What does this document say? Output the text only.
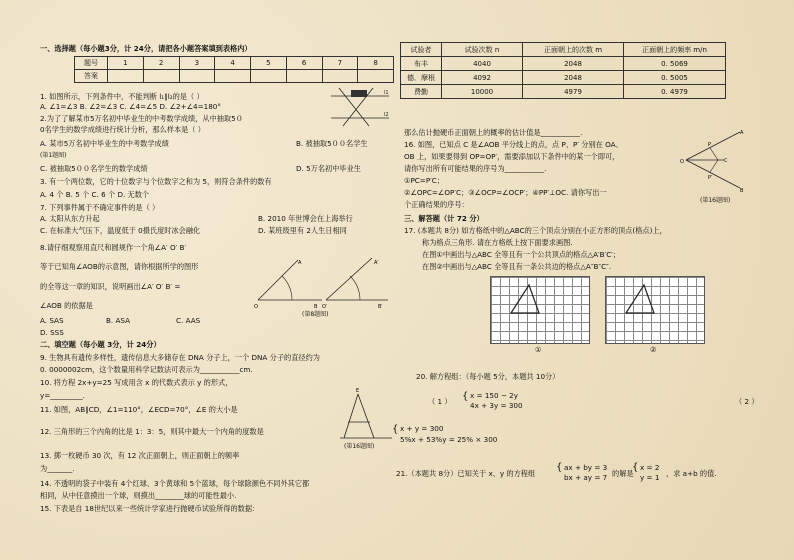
一、选择题（每小题3分，计 24分，请把各小题答案填到表格内）
题号	1	2	3	4	5	6	7	8
答案								
1. 如图所示，下列条件中，不能判断 l₁∥l₂的是（ ）
A. ∠1=∠3 B. ∠2=∠3 C. ∠4=∠5 D. ∠2+∠4=180°
l1
l2
2.为了了解某市5万名初中毕业生的中考数学成绩，从中抽取5０
0名学生的数学成绩进行统计分析，那么样本是（ ）
A. 某市5万名初中毕业生的中考数学成绩	B. 被抽取5００名学生
(第1题图)
C. 被抽取5００名学生的数学成绩	D. 5万名初中毕业生
3. 有一个两位数，它的十位数字与个位数字之和为 5，则符合条件的数有
A. 4 个 B. 5 个 C. 6 个 D. 无数个
7. 下列事件属于不确定事件的是（ ）
A. 太阳从东方升起	B. 2010 年世博会在上海举行
C. 在标准大气压下，温度低于 0摄氏度时冰会融化	D. 某班级里有 2人生日相同
8.请仔细观察用直尺和圆规作一个角∠A′ O′ B′
等于已知角∠AOB的示意图，请你根据所学的图形
的全等这一章的知识，说明画出∠A′ O′ B′ =
∠AOB 的依据是	O	O′
B	B′
A	A′
(第8题图)
A. SAS	B. ASA	C. AAS
D. SSS
二、填空题（每小题 3分，计 24分）
9. 生物具有遗传多样性，遗传信息大多储存在 DNA 分子上，一个 DNA 分子的直径约为
0. 0000002cm，这个数量用科学记数法可表示为___________cm.
10. 将方程 2x+y=25 写成用含 x 的代数式表示 y 的形式，
y=_________.
11. 如图，AB∥CD，∠1=110°，∠ECD=70°，∠E 的大小是
12. 三角形的三个内角的比是 1：3：5，则其中最大一个内角的度数是
13. 掷一枚硬币 30 次，有 12 次正面朝上，则正面朝上的频率
为_______.
E
(第16题图)
14. 不透明的袋子中装有 4个红球、3个黄球和 5个蓝球，每个球除颜色不同外其它都
相同，从中任意摸出一个球，则摸出________球的可能性最小.
15. 下表是自 18世纪以来一些统计学家进行抛硬币试验所得的数据：
试验者	试验次数 n	正面朝上的次数 m	正面朝上的频率 m/n
布丰	4040	2048	0. 5069
德．摩根	4092	2048	0. 5005
费勤	10000	4979	0. 4979
那么估计抛硬币正面朝上的概率的估计值是___________.
16. 如图，已知点 C 是∠AOB 平分线上的点，点 P、P′ 分别在 OA、
OB 上，如果要得到 OP=OP′，需要添加以下条件中的某一个即可，
请你写出所有可能结果的序号为___________.
①PC=P′C；
②∠OPC=∠OP′C；③∠OCP=∠OCP′；④PP′⊥OC. 请你写出一
个正确结果的序号：
O
A
B
C
P
P′
(第16题图)
三、解答题（计 72 分）
17. (本题共 8分) 如方格纸中的△ABC的三个顶点分别在小正方形的顶点(格点)上，
称为格点三角形. 请在方格纸上按下面要求画图.
在图①中画出与△ABC 全等且有一个公共顶点的格点△A′B′C′；
在图②中画出与△ABC 全等且有一条公共边的格点△A″B″C″.
①	②
20. 解方程组：（每小题 5分，本题共 10分）
（ 1 ）	（ 2 ）
{ x = 150 − 2y
4x + 3y = 300
{ x + y = 300
5%x + 53%y = 25% × 300
21.（本题共 8分）已知关于 x、y 的方程组
{ ax + by = 3
bx + ay = 7 的解是
{ x = 2
y = 1 ，求 a+b 的值.
